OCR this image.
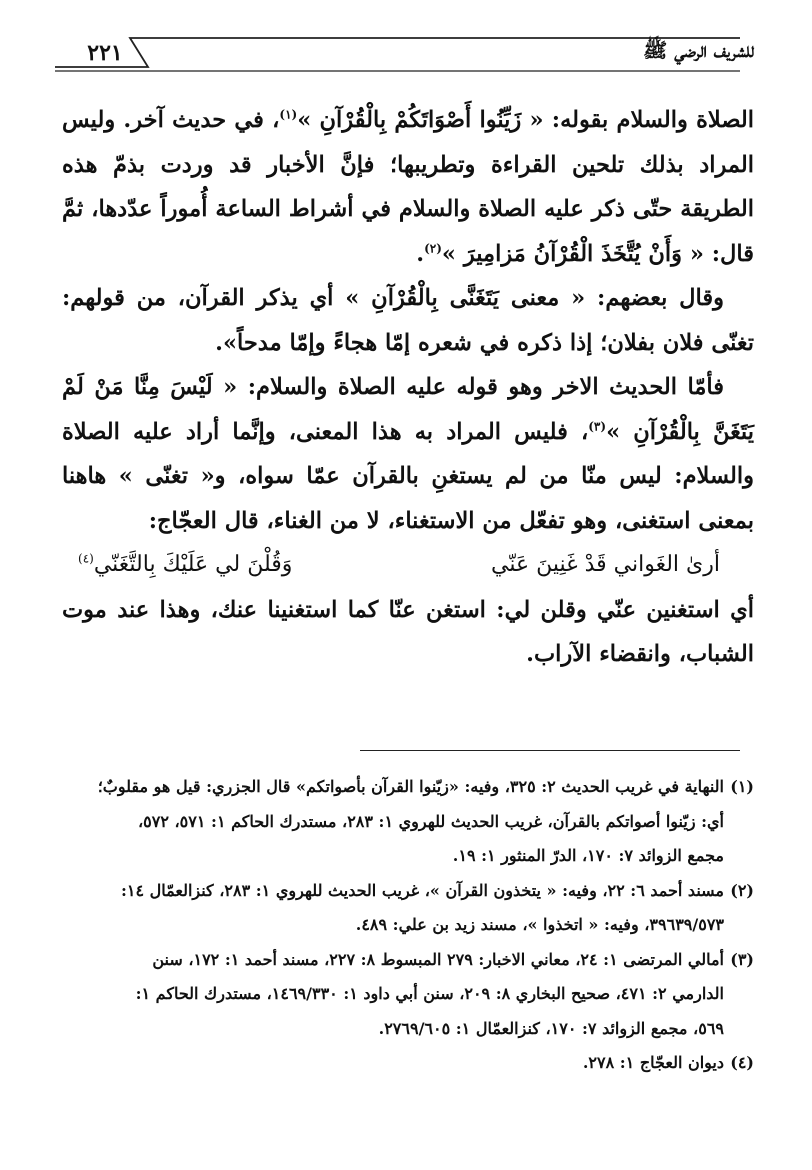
٢٢١	للشريف الرضي ﷺ

الصلاة والسلام بقوله: « زَيِّنُوا أَصْوَاتَكُمْ بِالْقُرْآنِ »$^{(١)}$، في حديث آخر. وليس المراد بذلك تلحين القراءة وتطريبها؛ فإنَّ الأخبار قد وردت بذمّ هذه الطريقة حتّى ذكر عليه الصلاة والسلام في أشراط الساعة أُموراً عدّدها، ثمَّ قال: « وَأَنْ يُتَّخَذَ الْقُرْآنُ مَزامِيرَ »$^{(٢)}$.

وقال بعضهم: « معنى يَتَغَنَّى بِالْقُرْآنِ » أي يذكر القرآن، من قولهم: تغنّى فلان بفلان؛ إذا ذكره في شعره إمّا هجاءً وإمّا مدحاً».

فأمّا الحديث الاخر وهو قوله عليه الصلاة والسلام: « لَيْسَ مِنَّا مَنْ لَمْ يَتَغَنَّ بِالْقُرْآنِ »$^{(٣)}$، فليس المراد به هذا المعنى، وإنَّما أراد عليه الصلاة والسلام: ليس منّا من لم يستغنِ بالقرآن عمّا سواه، و« تغنّى » هاهنا بمعنى استغنى، وهو تفعّل من الاستغناء، لا من الغناء، قال العجّاج:

أرىٰ الغَواني قَدْ غَنِينَ عَنّي
وَقُلْنَ لي عَلَيْكَ بِالتَّغَنّي$^{(٤)}$

أي استغنين عنّي وقلن لي: استغن عنّا كما استغنينا عنك، وهذا عند موت الشباب، وانقضاء الآراب.

(١)
النهاية في غريب الحديث ٢: ٣٢٥، وفيه: «زيّنوا القرآن بأصواتكم» قال الجزري: قيل هو مقلوبٌ؛
أي: زيّنوا أصواتكم بالقرآن، غريب الحديث للهروي ١: ٢٨٣، مستدرك الحاكم ١: ٥٧١، ٥٧٢،
مجمع الزوائد ٧: ١٧٠، الدرّ المنثور ١: ١٩.
(٢)
مسند أحمد ٦: ٢٢، وفيه: « يتخذون القرآن »، غريب الحديث للهروي ١: ٢٨٣، كنزالعمّال ١٤:
٣٩٦٣٩/٥٧٣، وفيه: « اتخذوا »، مسند زيد بن علي: ٤٨٩.
(٣)
أمالي المرتضى ١: ٢٤، معاني الاخبار: ٢٧٩ المبسوط ٨: ٢٢٧، مسند أحمد ١: ١٧٢، سنن
الدارمي ٢: ٤٧١، صحيح البخاري ٨: ٢٠٩، سنن أبي داود ١: ١٤٦٩/٣٣٠، مستدرك الحاكم ١:
٥٦٩، مجمع الزوائد ٧: ١٧٠، كنزالعمّال ١: ٢٧٦٩/٦٠٥.
(٤)
ديوان العجّاج ١: ٢٧٨.
